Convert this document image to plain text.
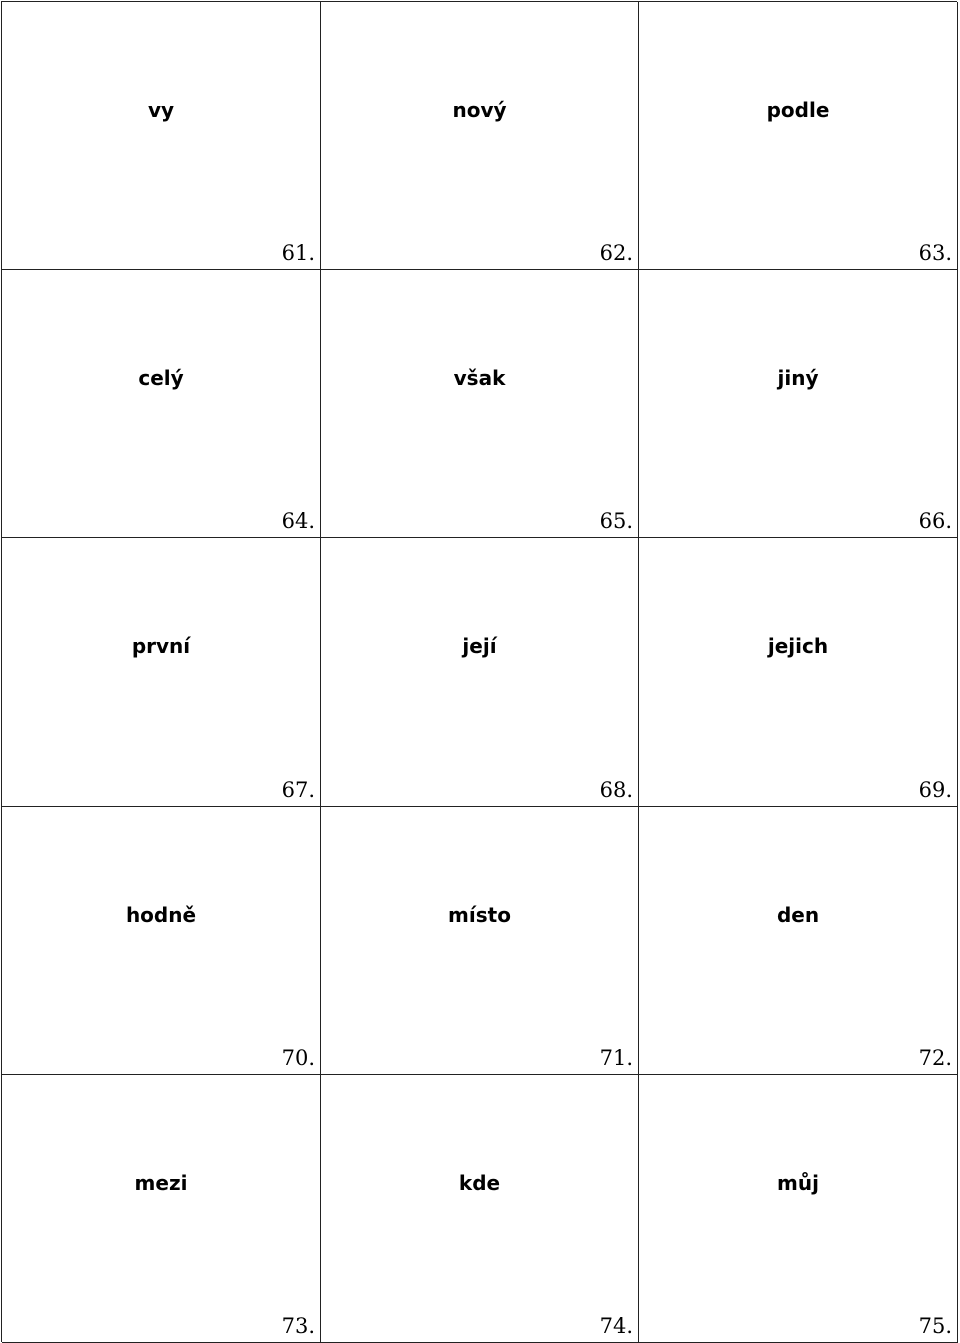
vy
61.
nový
62.
podle
63.
celý
64.
však
65.
jiný
66.
první
67.
její
68.
jejich
69.
hodně
70.
místo
71.
den
72.
mezi
73.
kde
74.
můj
75.
